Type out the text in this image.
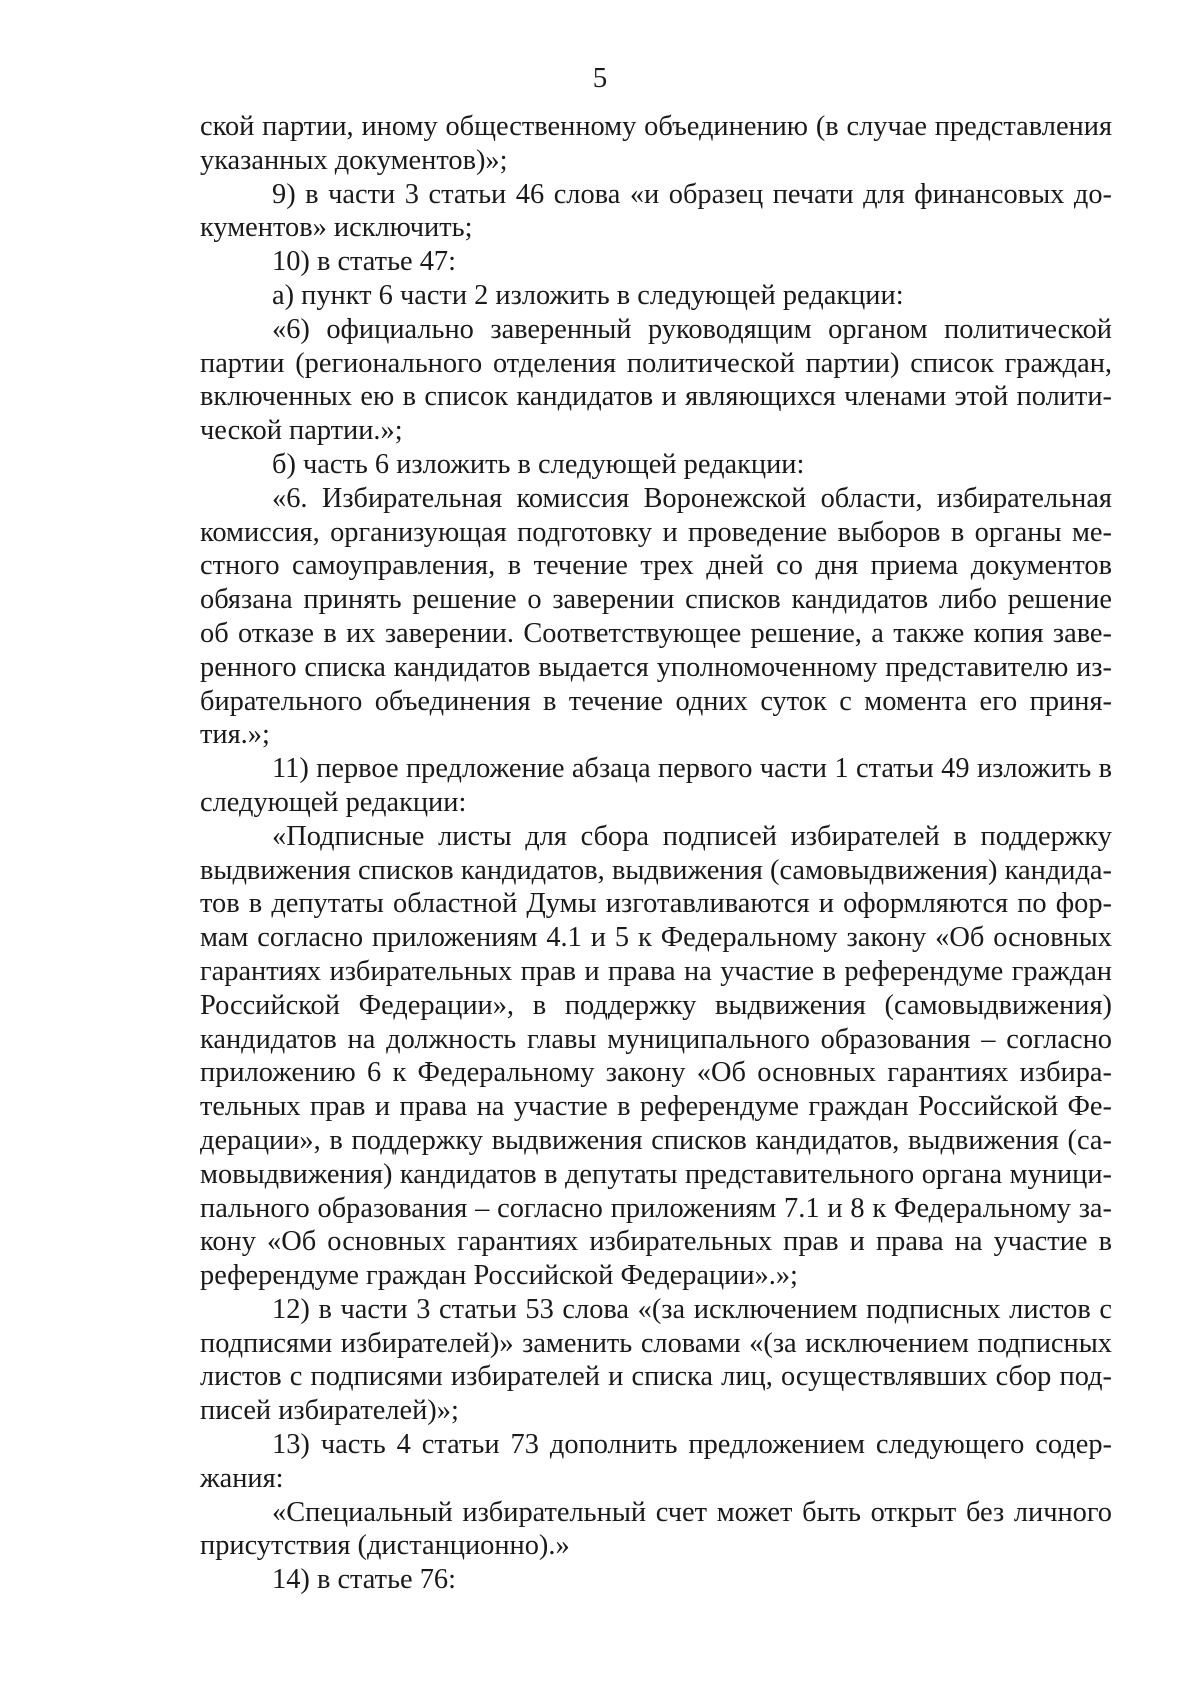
5

ской партии, иному общественному объединению (в случае представления указанных документов)»;

9) в части 3 статьи 46 слова «и образец печати для финансовых документов» исключить;

10) в статье 47:

а) пункт 6 части 2 изложить в следующей редакции:

«6) официально заверенный руководящим органом политической партии (регионального отделения политической партии) список граждан, включенных ею в список кандидатов и являющихся членами этой политической партии.»;

б) часть 6 изложить в следующей редакции:

«6. Избирательная комиссия Воронежской области, избирательная комиссия, организующая подготовку и проведение выборов в органы местного самоуправления, в течение трех дней со дня приема документов обязана принять решение о заверении списков кандидатов либо решение об отказе в их заверении. Соответствующее решение, а также копия заверенного списка кандидатов выдается уполномоченному представителю избирательного объединения в течение одних суток с момента его принятия.»;

11) первое предложение абзаца первого части 1 статьи 49 изложить в следующей редакции:

«Подписные листы для сбора подписей избирателей в поддержку выдвижения списков кандидатов, выдвижения (самовыдвижения) кандидатов в депутаты областной Думы изготавливаются и оформляются по формам согласно приложениям 4.1 и 5 к Федеральному закону «Об основных гарантиях избирательных прав и права на участие в референдуме граждан Российской Федерации», в поддержку выдвижения (самовыдвижения) кандидатов на должность главы муниципального образования – согласно приложению 6 к Федеральному закону «Об основных гарантиях избирательных прав и права на участие в референдуме граждан Российской Федерации», в поддержку выдвижения списков кандидатов, выдвижения (самовыдвижения) кандидатов в депутаты представительного органа муниципального образования – согласно приложениям 7.1 и 8 к Федеральному закону «Об основных гарантиях избирательных прав и права на участие в референдуме граждан Российской Федерации».»;

12) в части 3 статьи 53 слова «(за исключением подписных листов с подписями избирателей)» заменить словами «(за исключением подписных листов с подписями избирателей и списка лиц, осуществлявших сбор подписей избирателей)»;

13) часть 4 статьи 73 дополнить предложением следующего содержания:

«Специальный избирательный счет может быть открыт без личного присутствия (дистанционно).»

14) в статье 76:
